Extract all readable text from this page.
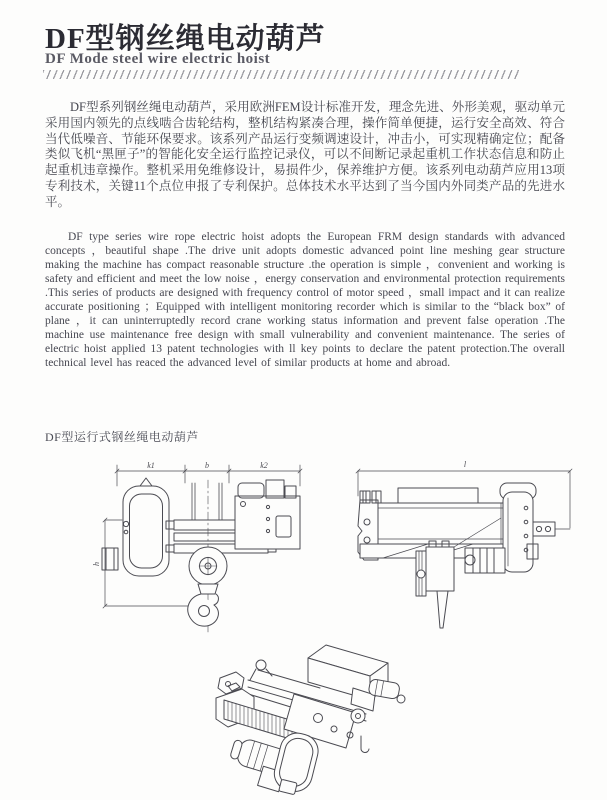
DF型钢丝绳电动葫芦
DF Mode steel wire electric hoist

DF型系列钢丝绳电动葫芦，采用欧洲FEM设计标准开发，理念先进、外形美观，驱动单元采用国内领先的点线啮合齿轮结构，整机结构紧凑合理，操作简单便捷，运行安全高效、符合当代低噪音、节能环保要求。该系列产品运行变频调速设计，冲击小，可实现精确定位；配备类似飞机“黑匣子”的智能化安全运行监控记录仪，可以不间断记录起重机工作状态信息和防止起重机违章操作。整机采用免维修设计，易损件少，保养维护方便。该系列电动葫芦应用13项专利技术，关键11个点位申报了专利保护。总体技术水平达到了当今国内外同类产品的先进水平。

DF type series wire rope electric hoist adopts the European FRM design standards with advanced concepts ，beautiful shape .The drive unit adopts domestic advanced point line meshing gear structure making the machine has compact reasonable structure .the operation is simple ，convenient and working is safety and efficient and meet the low noise ，energy conservation and environmental protection requirements .This series of products are designed with frequency control of motor speed ，small impact and it can realize accurate positioning ；Equipped with intelligent monitoring recorder which is similar to the “black box” of plane ，it can uninterruptedly record crane working status information and prevent false operation .The machine use maintenance free design with small vulnerability and convenient maintenance. The series of electric hoist applied 13 patent technologies with ll key points to declare the patent protection.The overall technical level has reaced the advanced level of similar products at home and abroad.

DF型运行式钢丝绳电动葫芦

k1	b	k2
h
l
